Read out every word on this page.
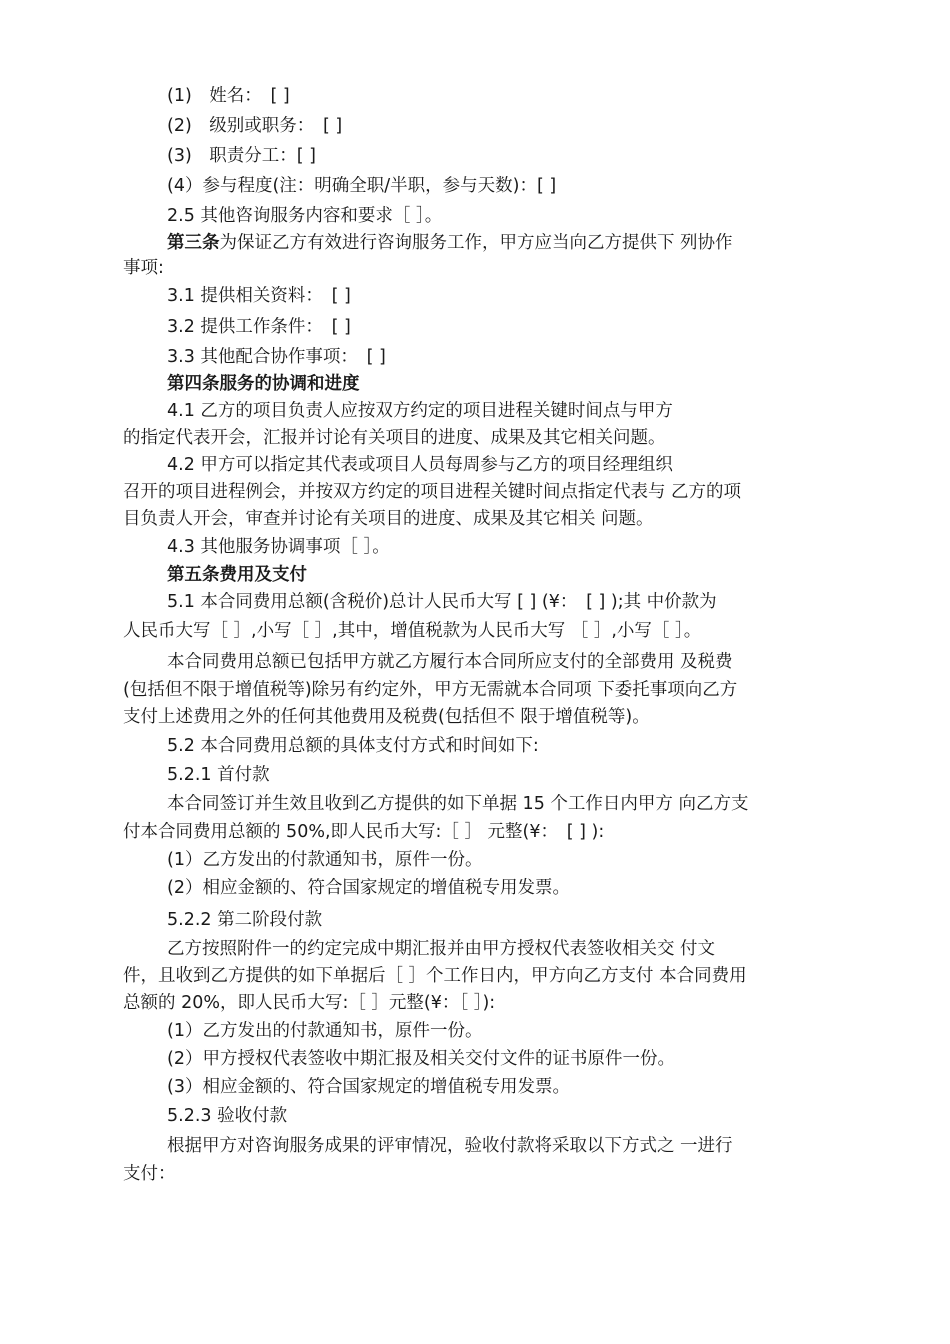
(1)　姓名：　[ ]
(2)　级别或职务：　[ ]
(3)　职责分工：[ ]
(4）参与程度(注：明确全职/半职，参与天数)：[ ]
2.5 其他咨询服务内容和要求［ ］。
第三条为保证乙方有效进行咨询服务工作，甲方应当向乙方提供下 列协作
事项:
3.1 提供相关资料：　[ ]
3.2 提供工作条件：　[ ]
3.3 其他配合协作事项：　[ ]
第四条服务的协调和进度
4.1 乙方的项目负责人应按双方约定的项目进程关键时间点与甲方
的指定代表开会，汇报并讨论有关项目的进度、成果及其它相关问题。
4.2 甲方可以指定其代表或项目人员每周参与乙方的项目经理组织
召开的项目进程例会，并按双方约定的项目进程关键时间点指定代表与 乙方的项
目负责人开会，审查并讨论有关项目的进度、成果及其它相关 问题。
4.3 其他服务协调事项［ ］。
第五条费用及支付
5.1 本合同费用总额(含税价)总计人民币大写 [ ] (¥：　[ ] );其 中价款为
人民币大写［ ］,小写［ ］,其中，增值税款为人民币大写 ［ ］,小写［ ］。
本合同费用总额已包括甲方就乙方履行本合同所应支付的全部费用 及税费
(包括但不限于增值税等)除另有约定外，甲方无需就本合同项 下委托事项向乙方
支付上述费用之外的任何其他费用及税费(包括但不 限于增值税等)。
5.2 本合同费用总额的具体支付方式和时间如下:
5.2.1 首付款
本合同签订并生效且收到乙方提供的如下单据 15 个工作日内甲方 向乙方支
付本合同费用总额的 50%,即人民币大写:［ ］ 元整(¥：　[ ] ):
(1）乙方发出的付款通知书，原件一份。
(2）相应金额的、符合国家规定的增值税专用发票。
5.2.2 第二阶段付款
乙方按照附件一的约定完成中期汇报并由甲方授权代表签收相关交 付文
件，且收到乙方提供的如下单据后［ ］个工作日内，甲方向乙方支付 本合同费用
总额的 20%，即人民币大写:［ ］元整(¥：［ ］):
(1）乙方发出的付款通知书，原件一份。
(2）甲方授权代表签收中期汇报及相关交付文件的证书原件一份。
(3）相应金额的、符合国家规定的增值税专用发票。
5.2.3 验收付款
根据甲方对咨询服务成果的评审情况，验收付款将采取以下方式之 一进行
支付：
